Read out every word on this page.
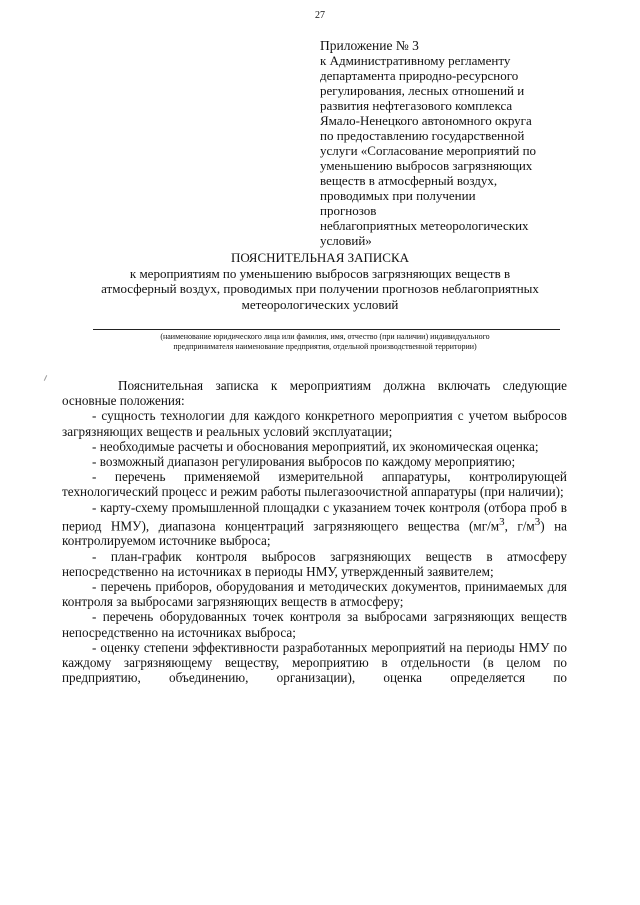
27
Приложение № 3
к Административному регламенту
департамента природно-ресурсного
регулирования, лесных отношений и
развития нефтегазового комплекса
Ямало-Ненецкого автономного округа
по предоставлению государственной
услуги «Согласование мероприятий по
уменьшению выбросов загрязняющих
веществ в атмосферный воздух,
проводимых при получении
прогнозов
неблагоприятных метеорологических
условий»
ПОЯСНИТЕЛЬНАЯ ЗАПИСКА
к мероприятиям по уменьшению выбросов загрязняющих веществ в
атмосферный воздух, проводимых при получении прогнозов неблагоприятных
метеорологических условий
(наименование юридического лица или фамилия, имя, отчество (при наличии) индивидуального
предпринимателя наименование предприятия, отдельной производственной территории)

Пояснительная записка к мероприятиям должна включать следующие основные положения:

- сущность технологии для каждого конкретного мероприятия с учетом выбросов загрязняющих веществ и реальных условий эксплуатации;

- необходимые расчеты и обоснования мероприятий, их экономическая оценка;

- возможный диапазон регулирования выбросов по каждому мероприятию;

- перечень применяемой измерительной аппаратуры, контролирующей технологический процесс и режим работы пылегазоочистной аппаратуры (при наличии);

- карту-схему промышленной площадки с указанием точек контроля (отбора проб в период НМУ), диапазона концентраций загрязняющего вещества ($мг/м^3$, $г/м^3$) на контролируемом источнике выброса;

- план-график контроля выбросов загрязняющих веществ в атмосферу непосредственно на источниках в периоды НМУ, утвержденный заявителем;

- перечень приборов, оборудования и методических документов, принимаемых для контроля за выбросами загрязняющих веществ в атмосферу;

- перечень оборудованных точек контроля за выбросами загрязняющих веществ непосредственно на источниках выброса;

- оценку степени эффективности разработанных мероприятий на периоды НМУ по каждому загрязняющему веществу, мероприятию в отдельности (в целом по предприятию, объединению, организации), оценка определяется по
